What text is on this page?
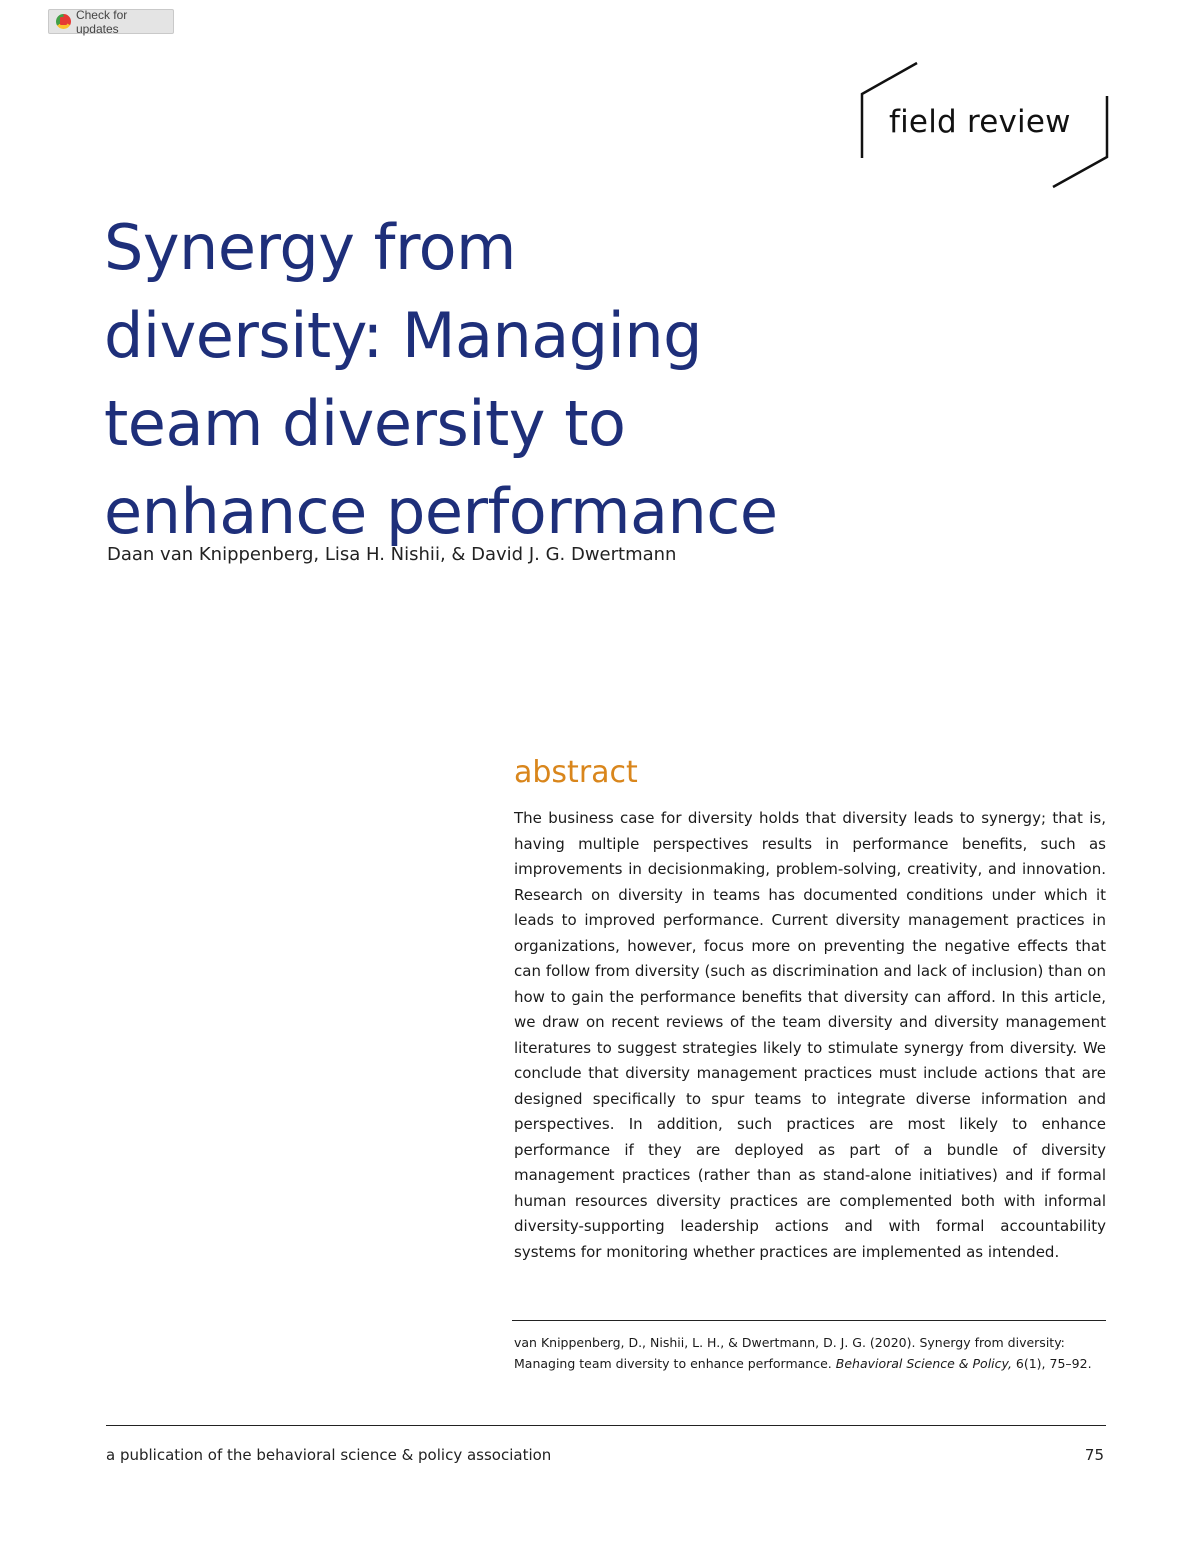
Check for updates
field review
Synergy from
diversity: Managing
team diversity to
enhance performance
Daan van Knippenberg, Lisa H. Nishii, & David J. G. Dwertmann
abstract

The business case for diversity holds that diversity leads to synergy; that is, having multiple perspectives results in performance benefits, such as improvements in decisionmaking, problem-solving, creativity, and innovation. Research on diversity in teams has documented conditions under which it leads to improved performance. Current diversity management practices in organizations, however, focus more on preventing the negative effects that can follow from diversity (such as discrimination and lack of inclusion) than on how to gain the performance benefits that diversity can afford. In this article, we draw on recent reviews of the team diversity and diversity management literatures to suggest strategies likely to stimulate synergy from diversity. We conclude that diversity management practices must include actions that are designed specifically to spur teams to integrate diverse information and perspectives. In addition, such practices are most likely to enhance performance if they are deployed as part of a bundle of diversity management practices (rather than as stand-alone initiatives) and if formal human resources diversity practices are complemented both with informal diversity-supporting leadership actions and with formal accountability systems for monitoring whether practices are implemented as intended.

van Knippenberg, D., Nishii, L. H., & Dwertmann, D. J. G. (2020). Synergy from diversity: Managing team diversity to enhance performance. Behavioral Science & Policy, 6(1), 75–92.

a publication of the behavioral science & policy association	75
